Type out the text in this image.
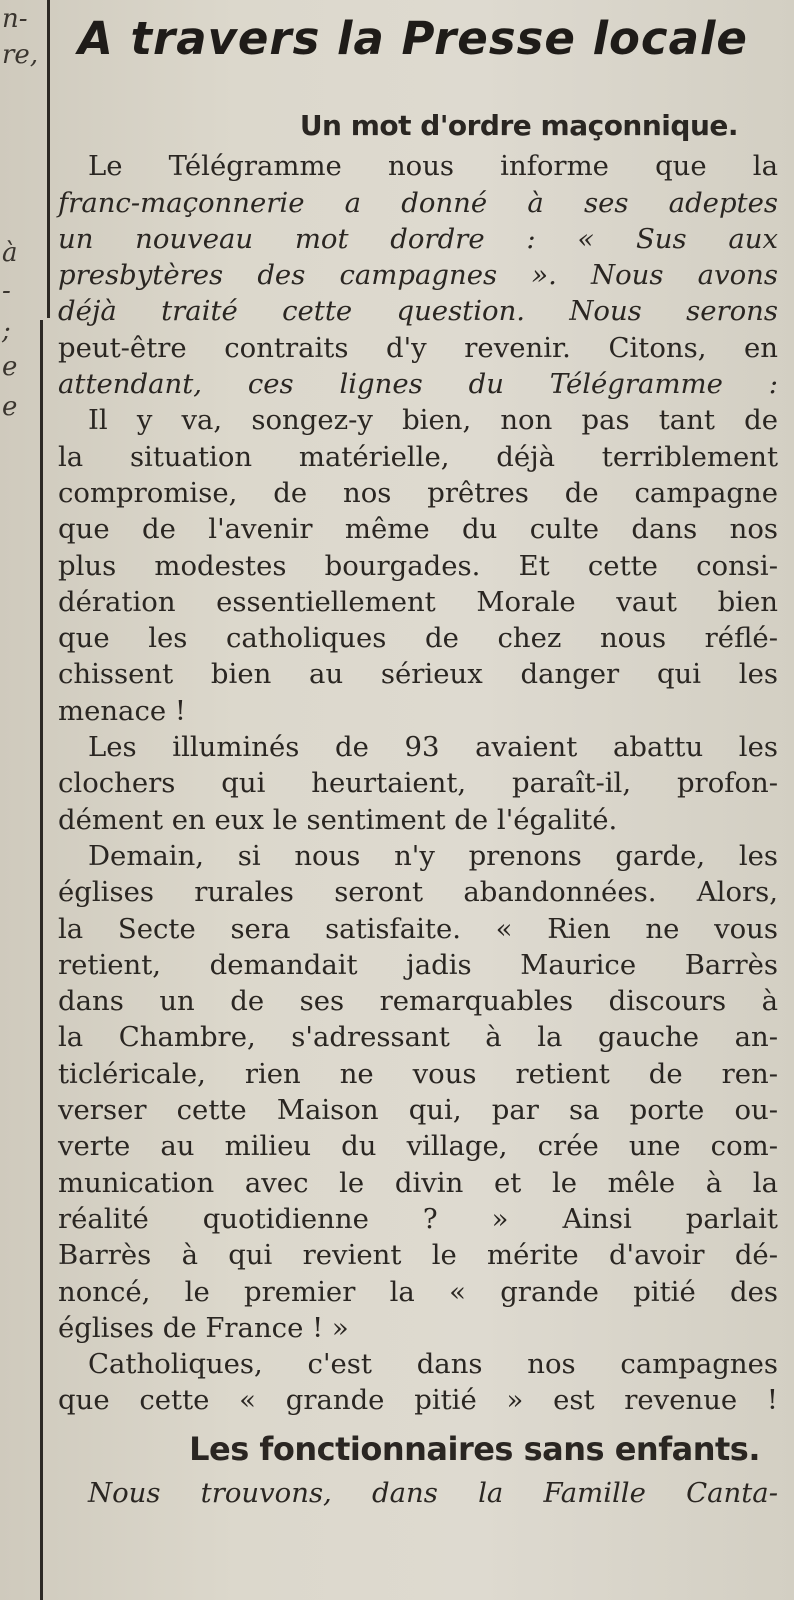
n-
re,
à
-
;
e
e
A travers la Presse locale
Un mot d'ordre maçonnique.
Le Télégramme nous informe que la
franc-maçonnerie a donné à ses adeptes
un nouveau mot dordre : « Sus aux
presbytères des campagnes ». Nous avons
déjà traité cette question. Nous serons
peut-être contraits d'y revenir. Citons, en
attendant, ces lignes du Télégramme :
Il y va, songez-y bien, non pas tant de
la situation matérielle, déjà terriblement
compromise, de nos prêtres de campagne
que de l'avenir même du culte dans nos
plus modestes bourgades. Et cette consi-
dération essentiellement Morale vaut bien
que les catholiques de chez nous réflé-
chissent bien au sérieux danger qui les
menace !
Les illuminés de 93 avaient abattu les
clochers qui heurtaient, paraît-il, profon-
dément en eux le sentiment de l'égalité.
Demain, si nous n'y prenons garde, les
églises rurales seront abandonnées. Alors,
la Secte sera satisfaite. « Rien ne vous
retient, demandait jadis Maurice Barrès
dans un de ses remarquables discours à
la Chambre, s'adressant à la gauche an-
ticléricale, rien ne vous retient de ren-
verser cette Maison qui, par sa porte ou-
verte au milieu du village, crée une com-
munication avec le divin et le mêle à la
réalité quotidienne ? » Ainsi parlait
Barrès à qui revient le mérite d'avoir dé-
noncé, le premier la « grande pitié des
églises de France ! »
Catholiques, c'est dans nos campagnes
que cette « grande pitié » est revenue !
Les fonctionnaires sans enfants.
Nous trouvons, dans la Famille Canta-
